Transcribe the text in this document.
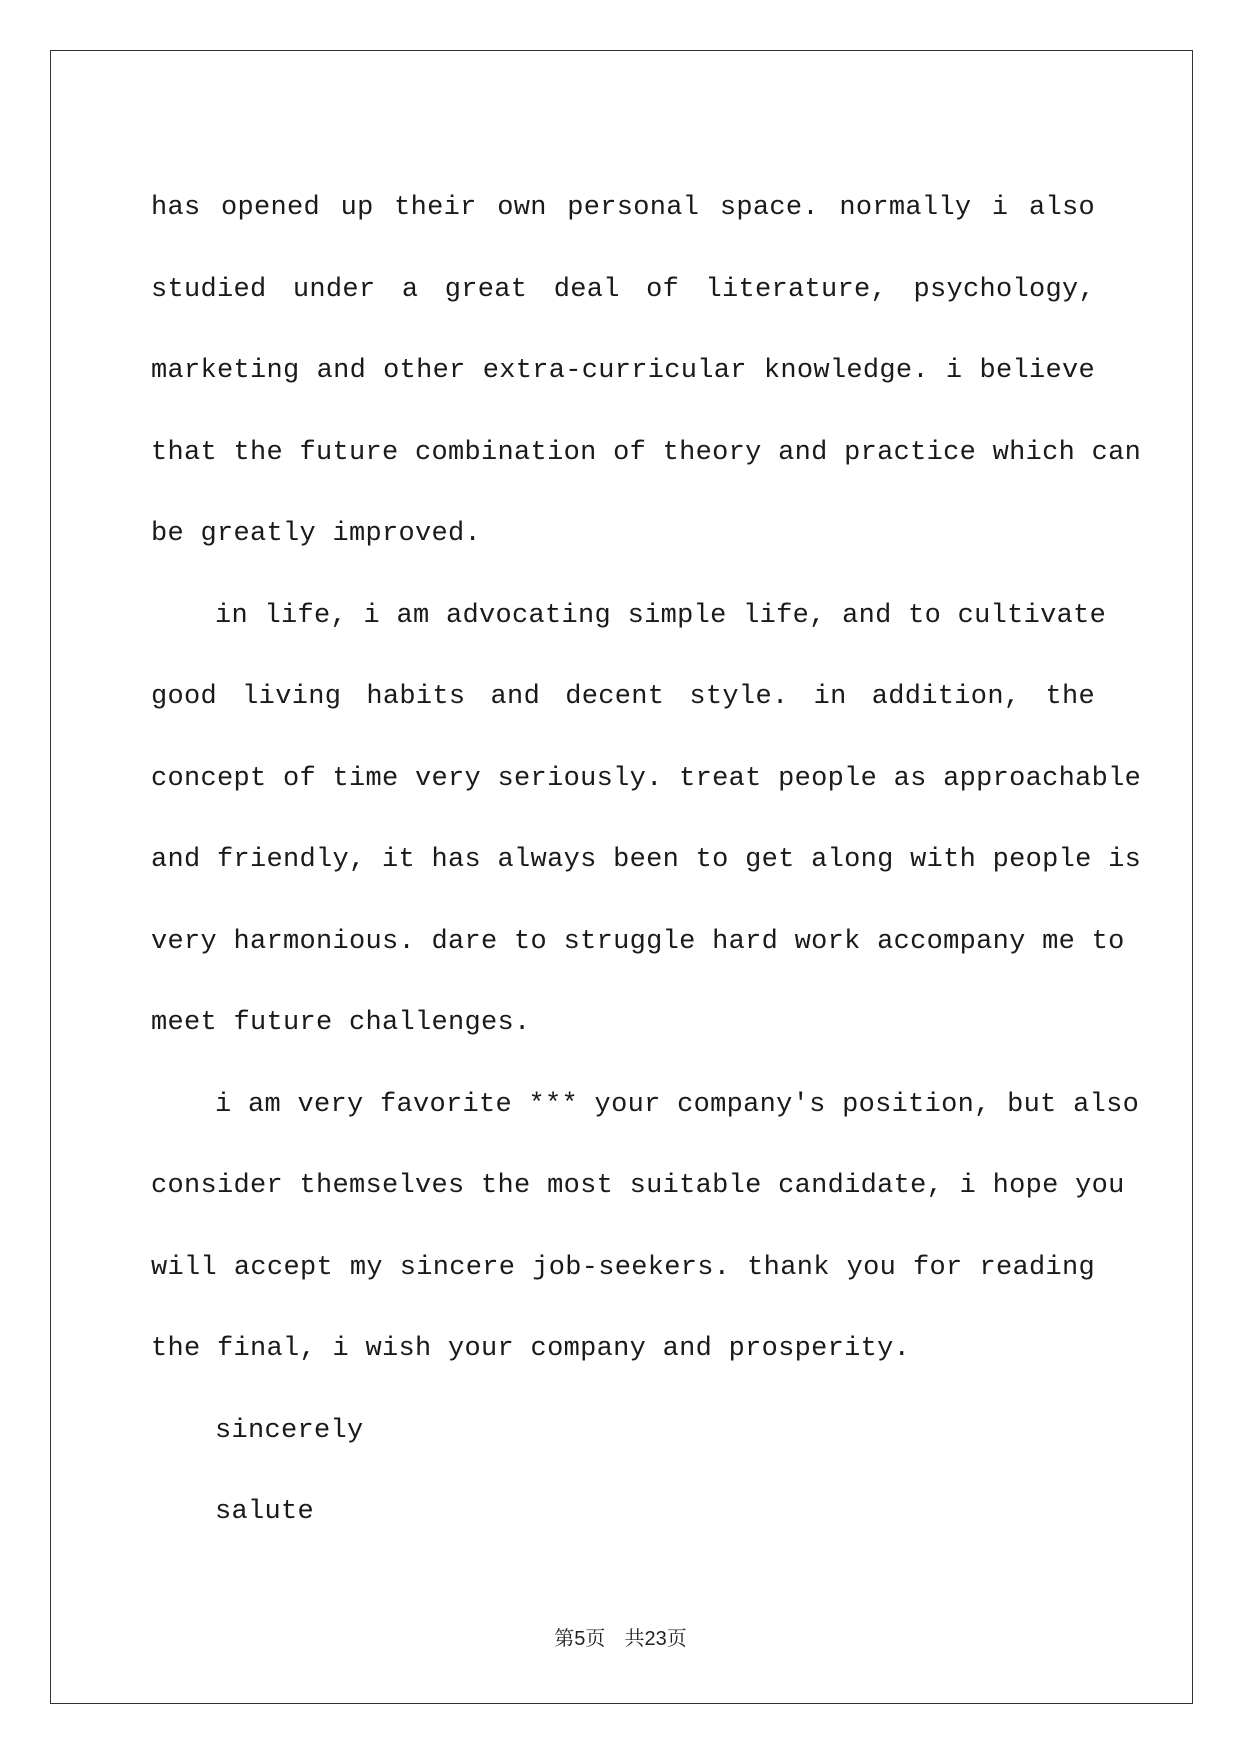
has opened up their own personal space. normally i also
studied under a great deal of literature, psychology,
marketing and other extra-curricular knowledge. i believe
that the future combination of theory and practice which can
be greatly improved.
in life, i am advocating simple life, and to cultivate
good living habits and decent style. in addition, the
concept of time very seriously. treat people as approachable
and friendly, it has always been to get along with people is
very harmonious. dare to struggle hard work accompany me to
meet future challenges.
i am very favorite *** your company's position, but also
consider themselves the most suitable candidate, i hope you
will accept my sincere job-seekers. thank you for reading
the final, i wish your company and prosperity.
sincerely
salute
第5页 共23页
